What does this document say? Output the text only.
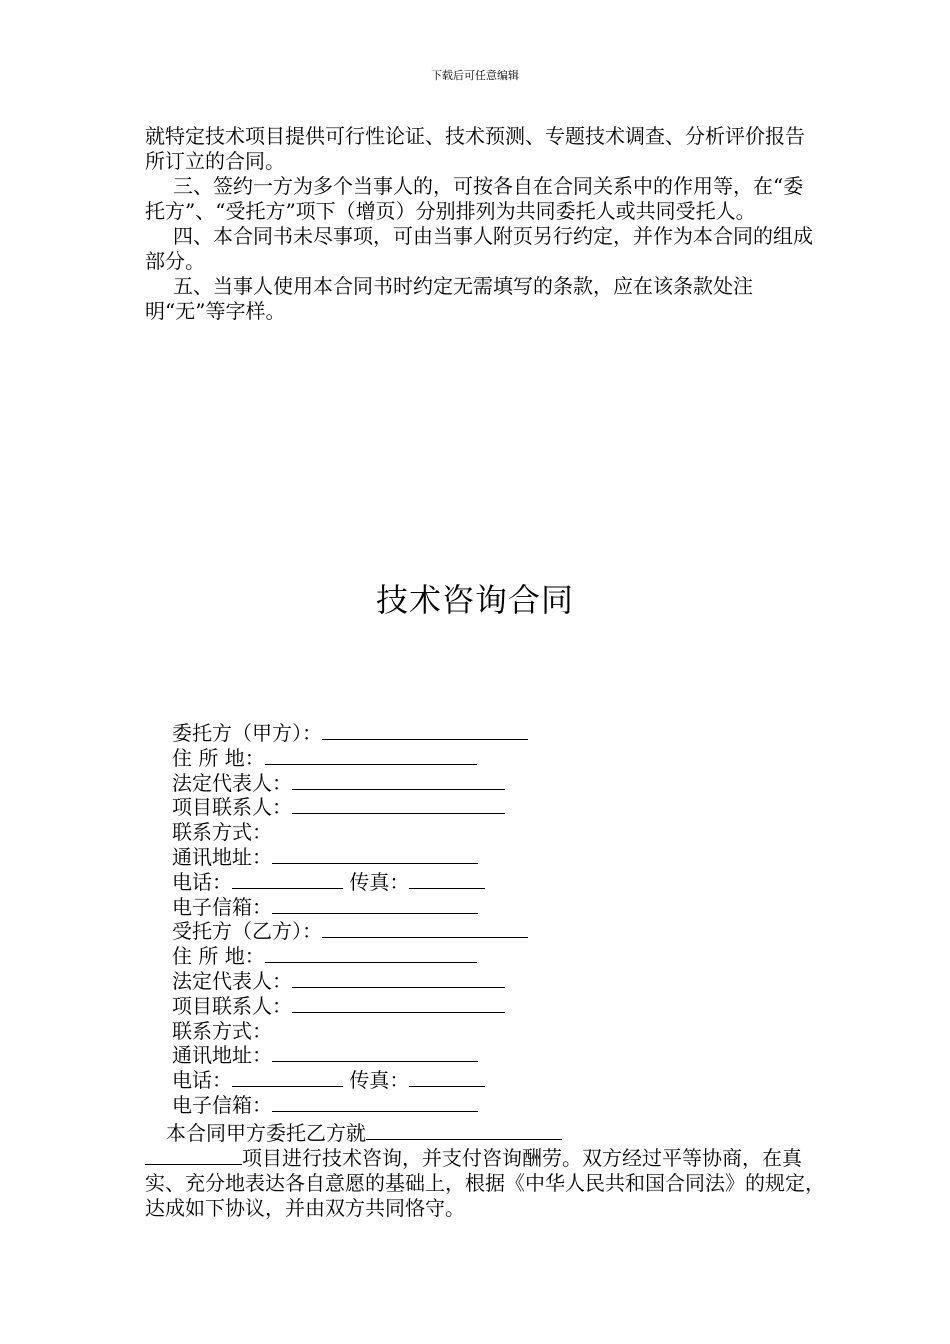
下载后可任意编辑

就特定技术项目提供可行性论证、技术预测、专题技术调查、分析评价报告所订立的合同。

三、签约一方为多个当事人的，可按各自在合同关系中的作用等，在“委托方”、“受托方”项下（增页）分别排列为共同委托人或共同受托人。

四、本合同书未尽事项，可由当事人附页另行约定，并作为本合同的组成部分。

五、当事人使用本合同书时约定无需填写的条款，应在该条款处注明“无”等字样。

技术咨询合同
委托方（甲方）：
住 所 地：
法定代表人：
项目联系人：
联系方式：
通讯地址：
电话：	传真：
电子信箱：
受托方（乙方）：
住 所 地：
法定代表人：
项目联系人：
联系方式：
通讯地址：
电话：	传真：
电子信箱：

本合同甲方委托乙方就

项目进行技术咨询，并支付咨询酬劳。双方经过平等协商，在真实、充分地表达各自意愿的基础上，根据《中华人民共和国合同法》的规定，达成如下协议，并由双方共同恪守。
